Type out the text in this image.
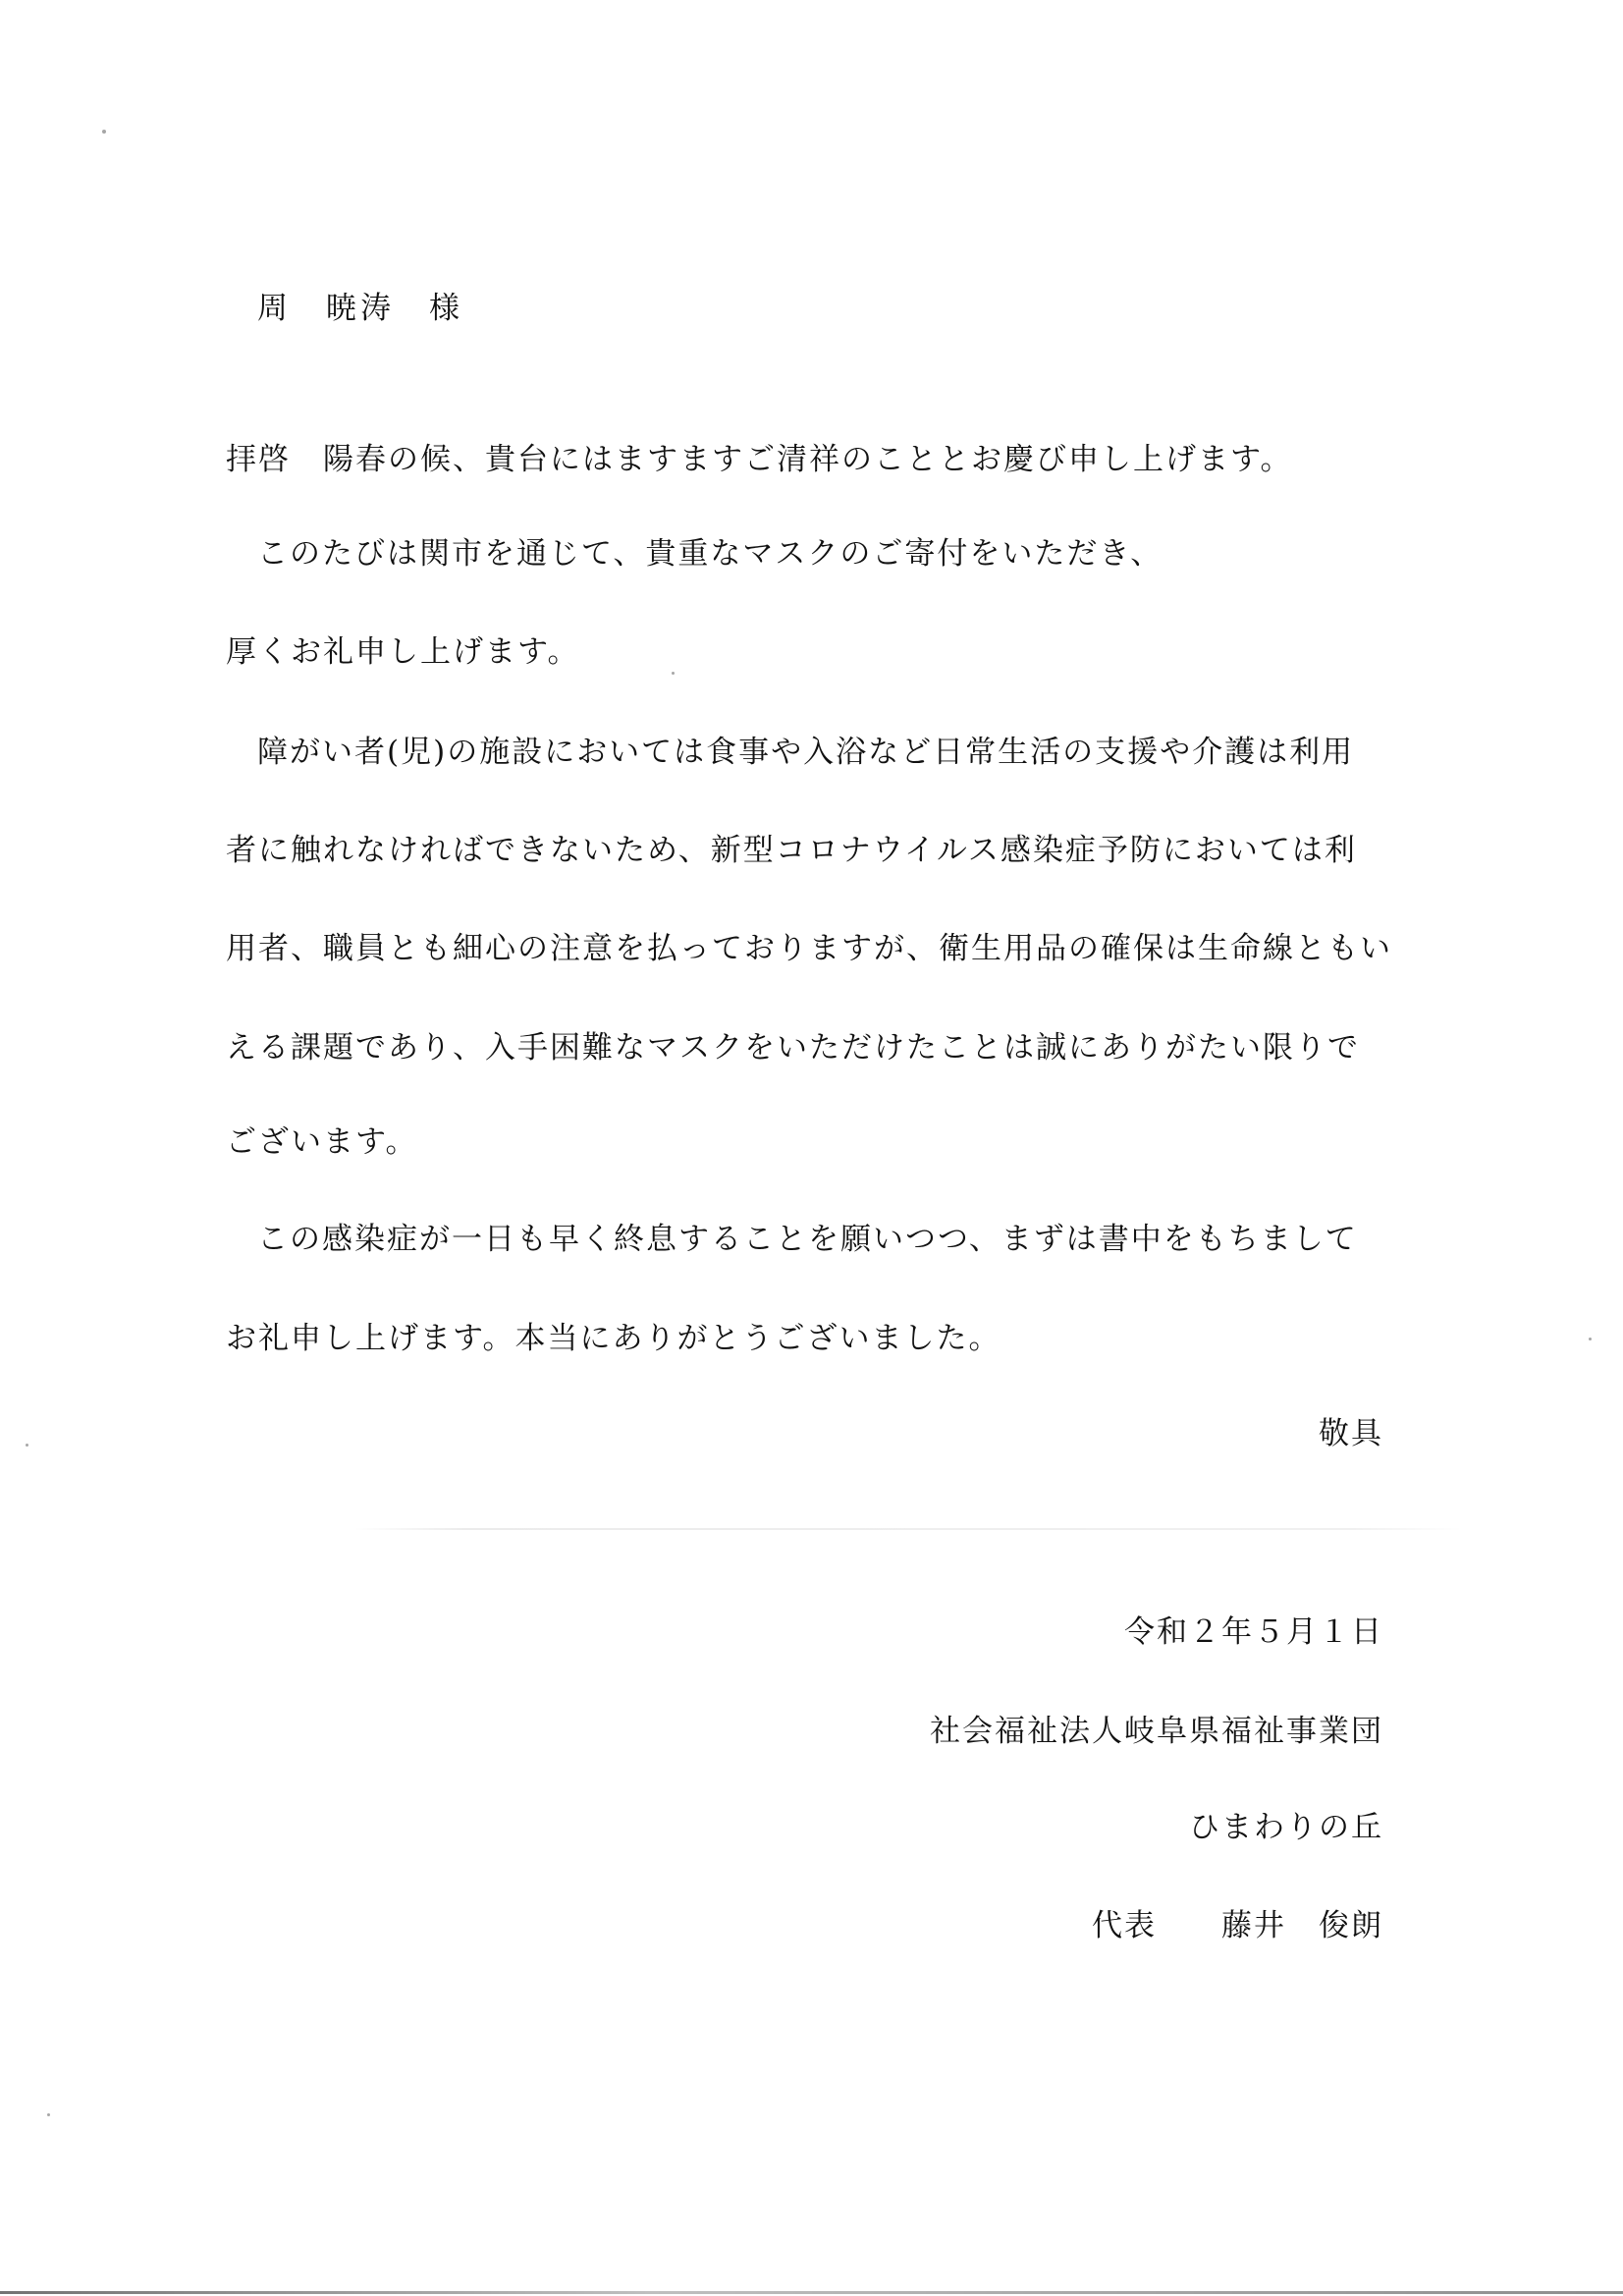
周　暁涛　様
拝啓　陽春の候、貴台にはますますご清祥のこととお慶び申し上げます。
このたびは関市を通じて、貴重なマスクのご寄付をいただき、
厚くお礼申し上げます。
障がい者(児)の施設においては食事や入浴など日常生活の支援や介護は利用
者に触れなければできないため、新型コロナウイルス感染症予防においては利
用者、職員とも細心の注意を払っておりますが、衛生用品の確保は生命線ともい
える課題であり、入手困難なマスクをいただけたことは誠にありがたい限りで
ございます。
この感染症が一日も早く終息することを願いつつ、まずは書中をもちまして
お礼申し上げます。本当にありがとうございました。
敬具
令和２年５月１日
社会福祉法人岐阜県福祉事業団
ひまわりの丘
代表　　藤井　俊朗
